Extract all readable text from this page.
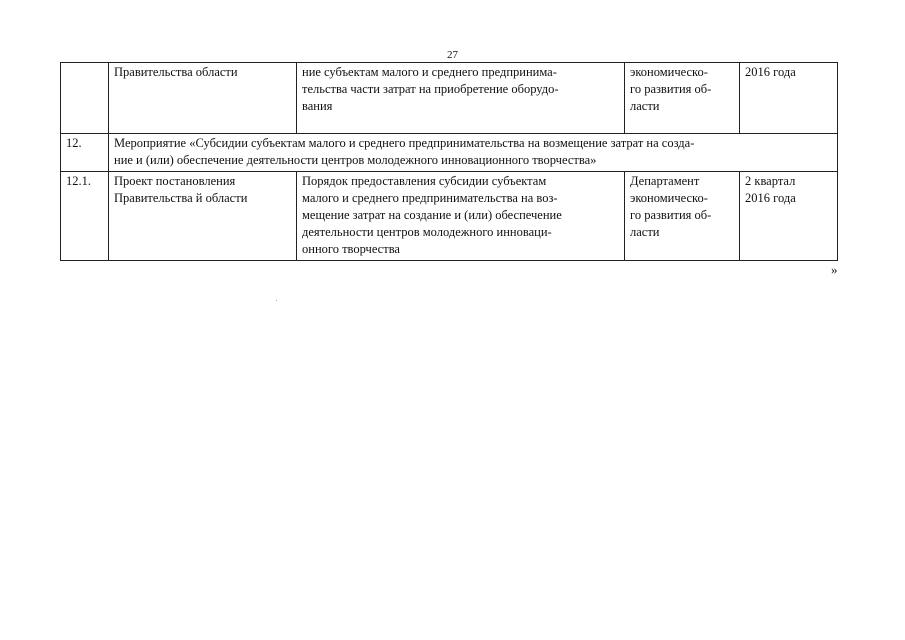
27
	Правительства области	ние субъектам малого и среднего предпринима-
тельства части затрат на приобретение оборудо-
вания	экономическо-
го развития об-
ласти	2016 года
12.	Мероприятие «Субсидии субъектам малого и среднего предпринимательства на возмещение затрат на созда-
ние и (или) обеспечение деятельности центров молодежного инновационного творчества»			
12.1.	Проект постановления
Правительства й области	Порядок предоставления субсидии субъектам
малого и среднего предпринимательства на воз-
мещение затрат на создание и (или) обеспечение
деятельности центров молодежного инноваци-
онного творчества	Департамент
экономическо-
го развития об-
ласти	2 квартал
2016 года
»
